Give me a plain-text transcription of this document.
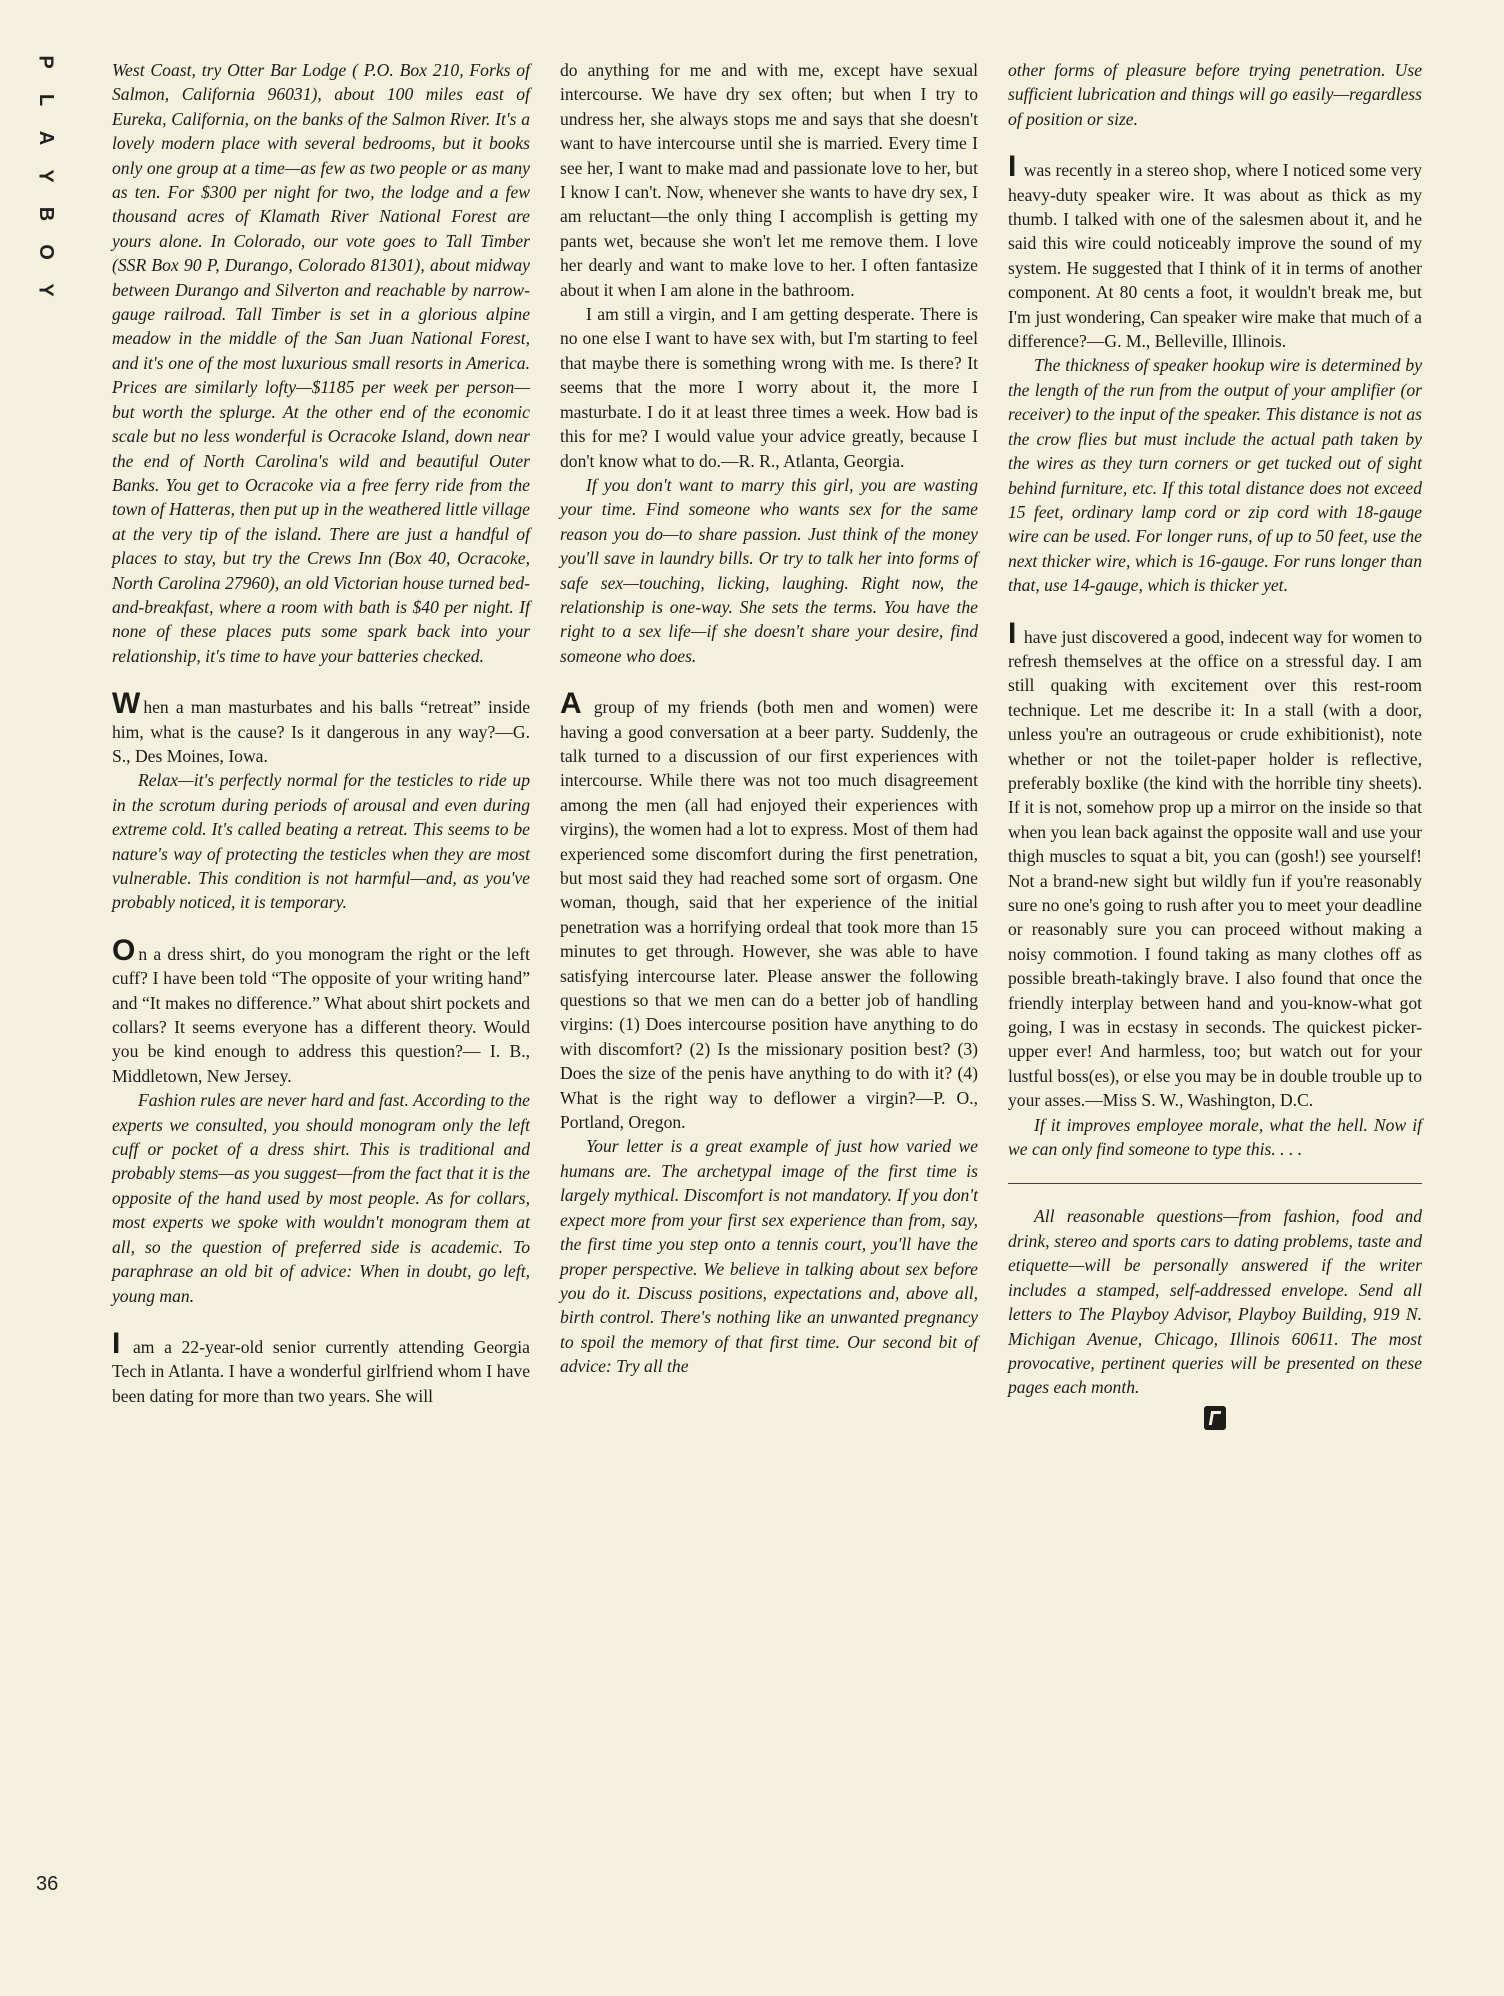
P
L
A
Y
B
O
Y
36

West Coast, try Otter Bar Lodge ( P.O. Box 210, Forks of Salmon, California 96031), about 100 miles east of Eureka, California, on the banks of the Salmon River. It's a lovely modern place with several bedrooms, but it books only one group at a time—as few as two people or as many as ten. For $300 per night for two, the lodge and a few thousand acres of Klamath River National Forest are yours alone. In Colorado, our vote goes to Tall Timber (SSR Box 90 P, Durango, Colorado 81301), about midway between Durango and Silverton and reachable by narrow-gauge railroad. Tall Timber is set in a glorious alpine meadow in the middle of the San Juan National Forest, and it's one of the most luxurious small resorts in America. Prices are similarly lofty—$1185 per week per person—but worth the splurge. At the other end of the economic scale but no less wonderful is Ocracoke Island, down near the end of North Carolina's wild and beautiful Outer Banks. You get to Ocracoke via a free ferry ride from the town of Hatteras, then put up in the weathered little village at the very tip of the island. There are just a handful of places to stay, but try the Crews Inn (Box 40, Ocracoke, North Carolina 27960), an old Victorian house turned bed-and-breakfast, where a room with bath is $40 per night. If none of these places puts some spark back into your relationship, it's time to have your batteries checked.

When a man masturbates and his balls “retreat” inside him, what is the cause? Is it dangerous in any way?—G. S., Des Moines, Iowa.

Relax—it's perfectly normal for the testicles to ride up in the scrotum during periods of arousal and even during extreme cold. It's called beating a retreat. This seems to be nature's way of protecting the testicles when they are most vulnerable. This condition is not harmful—and, as you've probably noticed, it is temporary.

On a dress shirt, do you monogram the right or the left cuff? I have been told “The opposite of your writing hand” and “It makes no difference.” What about shirt pockets and collars? It seems everyone has a different theory. Would you be kind enough to address this question?— I. B., Middletown, New Jersey.

Fashion rules are never hard and fast. According to the experts we consulted, you should monogram only the left cuff or pocket of a dress shirt. This is traditional and probably stems—as you suggest—from the fact that it is the opposite of the hand used by most people. As for collars, most experts we spoke with wouldn't monogram them at all, so the question of preferred side is academic. To paraphrase an old bit of advice: When in doubt, go left, young man.

I am a 22-year-old senior currently attending Georgia Tech in Atlanta. I have a wonderful girlfriend whom I have been dating for more than two years. She will

do anything for me and with me, except have sexual intercourse. We have dry sex often; but when I try to undress her, she always stops me and says that she doesn't want to have intercourse until she is married. Every time I see her, I want to make mad and passionate love to her, but I know I can't. Now, whenever she wants to have dry sex, I am reluctant—the only thing I accomplish is getting my pants wet, because she won't let me remove them. I love her dearly and want to make love to her. I often fantasize about it when I am alone in the bathroom.

I am still a virgin, and I am getting desperate. There is no one else I want to have sex with, but I'm starting to feel that maybe there is something wrong with me. Is there? It seems that the more I worry about it, the more I masturbate. I do it at least three times a week. How bad is this for me? I would value your advice greatly, because I don't know what to do.—R. R., Atlanta, Georgia.

If you don't want to marry this girl, you are wasting your time. Find someone who wants sex for the same reason you do—to share passion. Just think of the money you'll save in laundry bills. Or try to talk her into forms of safe sex—touching, licking, laughing. Right now, the relationship is one-way. She sets the terms. You have the right to a sex life—if she doesn't share your desire, find someone who does.

A group of my friends (both men and women) were having a good conversation at a beer party. Suddenly, the talk turned to a discussion of our first experiences with intercourse. While there was not too much disagreement among the men (all had enjoyed their experiences with virgins), the women had a lot to express. Most of them had experienced some discomfort during the first penetration, but most said they had reached some sort of orgasm. One woman, though, said that her experience of the initial penetration was a horrifying ordeal that took more than 15 minutes to get through. However, she was able to have satisfying intercourse later. Please answer the following questions so that we men can do a better job of handling virgins: (1) Does intercourse position have anything to do with discomfort? (2) Is the missionary position best? (3) Does the size of the penis have anything to do with it? (4) What is the right way to deflower a virgin?—P. O., Portland, Oregon.

Your letter is a great example of just how varied we humans are. The archetypal image of the first time is largely mythical. Discomfort is not mandatory. If you don't expect more from your first sex experience than from, say, the first time you step onto a tennis court, you'll have the proper perspective. We believe in talking about sex before you do it. Discuss positions, expectations and, above all, birth control. There's nothing like an unwanted pregnancy to spoil the memory of that first time. Our second bit of advice: Try all the

other forms of pleasure before trying penetration. Use sufficient lubrication and things will go easily—regardless of position or size.

I was recently in a stereo shop, where I noticed some very heavy-duty speaker wire. It was about as thick as my thumb. I talked with one of the salesmen about it, and he said this wire could noticeably improve the sound of my system. He suggested that I think of it in terms of another component. At 80 cents a foot, it wouldn't break me, but I'm just wondering, Can speaker wire make that much of a difference?—G. M., Belleville, Illinois.

The thickness of speaker hookup wire is determined by the length of the run from the output of your amplifier (or receiver) to the input of the speaker. This distance is not as the crow flies but must include the actual path taken by the wires as they turn corners or get tucked out of sight behind furniture, etc. If this total distance does not exceed 15 feet, ordinary lamp cord or zip cord with 18-gauge wire can be used. For longer runs, of up to 50 feet, use the next thicker wire, which is 16-gauge. For runs longer than that, use 14-gauge, which is thicker yet.

I have just discovered a good, indecent way for women to refresh themselves at the office on a stressful day. I am still quaking with excitement over this rest-room technique. Let me describe it: In a stall (with a door, unless you're an outrageous or crude exhibitionist), note whether or not the toilet-paper holder is reflective, preferably boxlike (the kind with the horrible tiny sheets). If it is not, somehow prop up a mirror on the inside so that when you lean back against the opposite wall and use your thigh muscles to squat a bit, you can (gosh!) see yourself! Not a brand-new sight but wildly fun if you're reasonably sure no one's going to rush after you to meet your deadline or reasonably sure you can proceed without making a noisy commotion. I found taking as many clothes off as possible breath-takingly brave. I also found that once the friendly interplay between hand and you-know-what got going, I was in ecstasy in seconds. The quickest picker-upper ever! And harmless, too; but watch out for your lustful boss(es), or else you may be in double trouble up to your asses.—Miss S. W., Washington, D.C.

If it improves employee morale, what the hell. Now if we can only find someone to type this. . . .

All reasonable questions—from fashion, food and drink, stereo and sports cars to dating problems, taste and etiquette—will be personally answered if the writer includes a stamped, self-addressed envelope. Send all letters to The Playboy Advisor, Playboy Building, 919 N. Michigan Avenue, Chicago, Illinois 60611. The most provocative, pertinent queries will be presented on these pages each month.
